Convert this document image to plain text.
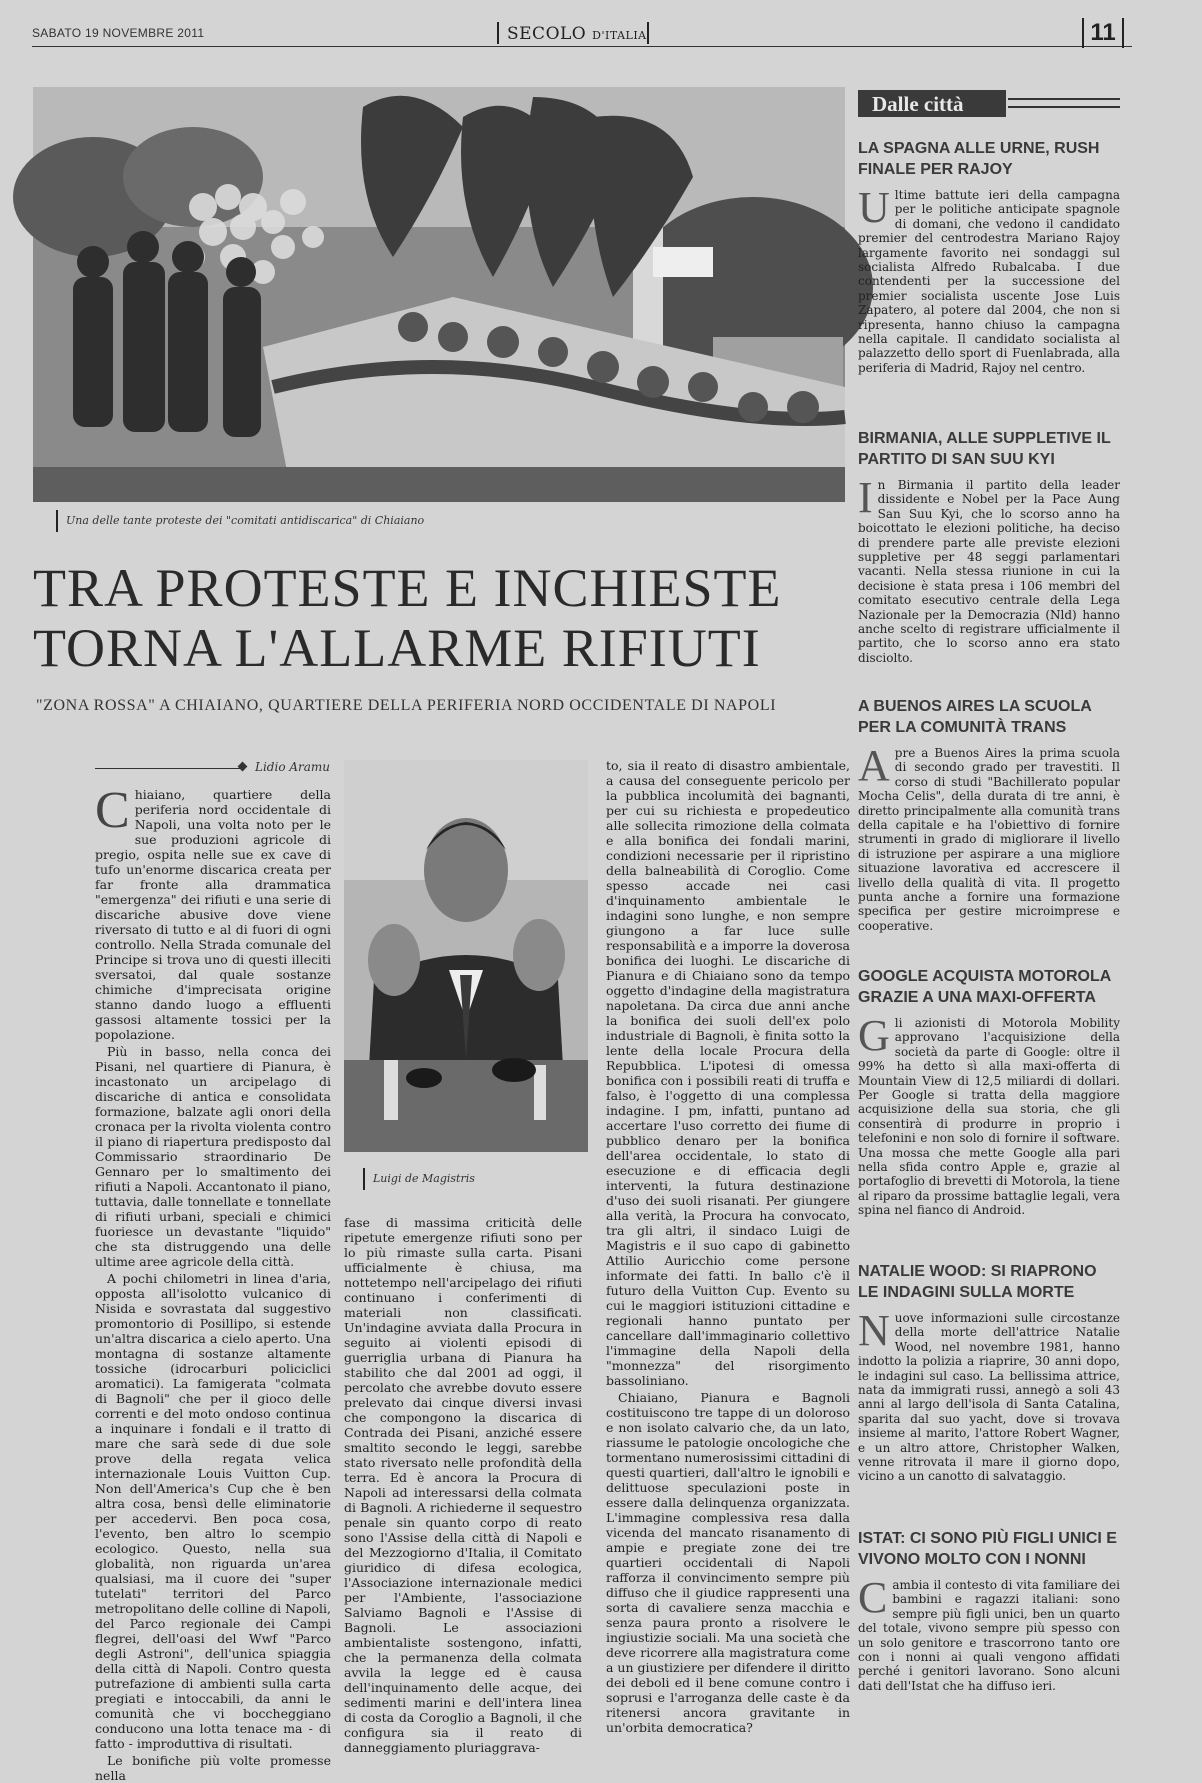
SABATO 19 NOVEMBRE 2011	SECOLO D'ITALIA	11
Una delle tante proteste dei "comitati antidiscarica" di Chiaiano
TRA PROTESTE E INCHIESTE
TORNA L'ALLARME RIFIUTI
"ZONA ROSSA" A CHIAIANO, QUARTIERE DELLA PERIFERIA NORD OCCIDENTALE DI NAPOLI
Lidio Aramu

Chiaiano, quartiere della periferia nord occidentale di Napoli, una volta noto per le sue produzioni agricole di pregio, ospita nelle sue ex cave di tufo un'enorme discarica creata per far fronte alla drammatica "emergenza" dei rifiuti e una serie di discariche abusive dove viene riversato di tutto e al di fuori di ogni controllo. Nella Strada comunale del Principe si trova uno di questi illeciti sversatoi, dal quale sostanze chimiche d'imprecisata origine stanno dando luogo a effluenti gassosi altamente tossici per la popolazione.

Più in basso, nella conca dei Pisani, nel quartiere di Pianura, è incastonato un arcipelago di discariche di antica e consolidata formazione, balzate agli onori della cronaca per la rivolta violenta contro il piano di riapertura predisposto dal Commissario straordinario De Gennaro per lo smaltimento dei rifiuti a Napoli. Accantonato il piano, tuttavia, dalle tonnellate e tonnellate di rifiuti urbani, speciali e chimici fuoriesce un devastante "liquido" che sta distruggendo una delle ultime aree agricole della città.

A pochi chilometri in linea d'aria, opposta all'isolotto vulcanico di Nisida e sovrastata dal suggestivo promontorio di Posillipo, si estende un'altra discarica a cielo aperto. Una montagna di sostanze altamente tossiche (idrocarburi policiclici aromatici). La famigerata "colmata di Bagnoli" che per il gioco delle correnti e del moto ondoso continua a inquinare i fondali e il tratto di mare che sarà sede di due sole prove della regata velica internazionale Louis Vuitton Cup. Non dell'America's Cup che è ben altra cosa, bensì delle eliminatorie per accedervi. Ben poca cosa, l'evento, ben altro lo scempio ecologico. Questo, nella sua globalità, non riguarda un'area qualsiasi, ma il cuore dei "super tutelati" territori del Parco metropolitano delle colline di Napoli, del Parco regionale dei Campi flegrei, dell'oasi del Wwf "Parco degli Astroni", dell'unica spiaggia della città di Napoli. Contro questa putrefazione di ambienti sulla carta pregiati e intoccabili, da anni le comunità che vi boccheggiano conducono una lotta tenace ma - di fatto - improduttiva di risultati.

Le bonifiche più volte promesse nella

Luigi de Magistris

fase di massima criticità delle ripetute emergenze rifiuti sono per lo più rimaste sulla carta. Pisani ufficialmente è chiusa, ma nottetempo nell'arcipelago dei rifiuti continuano i conferimenti di materiali non classificati. Un'indagine avviata dalla Procura in seguito ai violenti episodi di guerriglia urbana di Pianura ha stabilito che dal 2001 ad oggi, il percolato che avrebbe dovuto essere prelevato dai cinque diversi invasi che compongono la discarica di Contrada dei Pisani, anziché essere smaltito secondo le leggi, sarebbe stato riversato nelle profondità della terra. Ed è ancora la Procura di Napoli ad interessarsi della colmata di Bagnoli. A richiederne il sequestro penale sin quanto corpo di reato sono l'Assise della città di Napoli e del Mezzogiorno d'Italia, il Comitato giuridico di difesa ecologica, l'Associazione internazionale medici per l'Ambiente, l'associazione Salviamo Bagnoli e l'Assise di Bagnoli. Le associazioni ambientaliste sostengono, infatti, che la permanenza della colmata avvila la legge ed è causa dell'inquinamento delle acque, dei sedimenti marini e dell'intera linea di costa da Coroglio a Bagnoli, il che configura sia il reato di danneggiamento pluriaggrava-

to, sia il reato di disastro ambientale, a causa del conseguente pericolo per la pubblica incolumità dei bagnanti, per cui su richiesta e propedeutico alle sollecita rimozione della colmata e alla bonifica dei fondali marini, condizioni necessarie per il ripristino della balneabilità di Coroglio. Come spesso accade nei casi d'inquinamento ambientale le indagini sono lunghe, e non sempre giungono a far luce sulle responsabilità e a imporre la doverosa bonifica dei luoghi. Le discariche di Pianura e di Chiaiano sono da tempo oggetto d'indagine della magistratura napoletana. Da circa due anni anche la bonifica dei suoli dell'ex polo industriale di Bagnoli, è finita sotto la lente della locale Procura della Repubblica. L'ipotesi di omessa bonifica con i possibili reati di truffa e falso, è l'oggetto di una complessa indagine. I pm, infatti, puntano ad accertare l'uso corretto dei fiume di pubblico denaro per la bonifica dell'area occidentale, lo stato di esecuzione e di efficacia degli interventi, la futura destinazione d'uso dei suoli risanati. Per giungere alla verità, la Procura ha convocato, tra gli altri, il sindaco Luigi de Magistris e il suo capo di gabinetto Attilio Auricchio come persone informate dei fatti. In ballo c'è il futuro della Vuitton Cup. Evento su cui le maggiori istituzioni cittadine e regionali hanno puntato per cancellare dall'immaginario collettivo l'immagine della Napoli della "monnezza" del risorgimento bassoliniano.

Chiaiano, Pianura e Bagnoli costituiscono tre tappe di un doloroso e non isolato calvario che, da un lato, riassume le patologie oncologiche che tormentano numerosissimi cittadini di questi quartieri, dall'altro le ignobili e delittuose speculazioni poste in essere dalla delinquenza organizzata. L'immagine complessiva resa dalla vicenda del mancato risanamento di ampie e pregiate zone dei tre quartieri occidentali di Napoli rafforza il convincimento sempre più diffuso che il giudice rappresenti una sorta di cavaliere senza macchia e senza paura pronto a risolvere le ingiustizie sociali. Ma una società che deve ricorrere alla magistratura come a un giustiziere per difendere il diritto dei deboli ed il bene comune contro i soprusi e l'arroganza delle caste è da ritenersi ancora gravitante in un'orbita democratica?

Dalle città
LA SPAGNA ALLE URNE, RUSH FINALE PER RAJOY
Ultime battute ieri della campagna per le politiche anticipate spagnole di domani, che vedono il candidato premier del centrodestra Mariano Rajoy largamente favorito nei sondaggi sul socialista Alfredo Rubalcaba. I due contendenti per la successione del premier socialista uscente Jose Luis Zapatero, al potere dal 2004, che non si ripresenta, hanno chiuso la campagna nella capitale. Il candidato socialista al palazzetto dello sport di Fuenlabrada, alla periferia di Madrid, Rajoy nel centro.
BIRMANIA, ALLE SUPPLETIVE IL PARTITO DI SAN SUU KYI
In Birmania il partito della leader dissidente e Nobel per la Pace Aung San Suu Kyi, che lo scorso anno ha boicottato le elezioni politiche, ha deciso di prendere parte alle previste elezioni suppletive per 48 seggi parlamentari vacanti. Nella stessa riunione in cui la decisione è stata presa i 106 membri del comitato esecutivo centrale della Lega Nazionale per la Democrazia (Nld) hanno anche scelto di registrare ufficialmente il partito, che lo scorso anno era stato disciolto.
A BUENOS AIRES LA SCUOLA PER LA COMUNITÀ TRANS
Apre a Buenos Aires la prima scuola di secondo grado per travestiti. Il corso di studi "Bachillerato popular Mocha Celis", della durata di tre anni, è diretto principalmente alla comunità trans della capitale e ha l'obiettivo di fornire strumenti in grado di migliorare il livello di istruzione per aspirare a una migliore situazione lavorativa ed accrescere il livello della qualità di vita. Il progetto punta anche a fornire una formazione specifica per gestire microimprese e cooperative.
GOOGLE ACQUISTA MOTOROLA GRAZIE A UNA MAXI-OFFERTA
Gli azionisti di Motorola Mobility approvano l'acquisizione della società da parte di Google: oltre il 99% ha detto sì alla maxi-offerta di Mountain View di 12,5 miliardi di dollari. Per Google si tratta della maggiore acquisizione della sua storia, che gli consentirà di produrre in proprio i telefonini e non solo di fornire il software. Una mossa che mette Google alla pari nella sfida contro Apple e, grazie al portafoglio di brevetti di Motorola, la tiene al riparo da prossime battaglie legali, vera spina nel fianco di Android.
NATALIE WOOD: SI RIAPRONO LE INDAGINI SULLA MORTE
Nuove informazioni sulle circostanze della morte dell'attrice Natalie Wood, nel novembre 1981, hanno indotto la polizia a riaprire, 30 anni dopo, le indagini sul caso. La bellissima attrice, nata da immigrati russi, annegò a soli 43 anni al largo dell'isola di Santa Catalina, sparita dal suo yacht, dove si trovava insieme al marito, l'attore Robert Wagner, e un altro attore, Christopher Walken, venne ritrovata il mare il giorno dopo, vicino a un canotto di salvataggio.
ISTAT: CI SONO PIÙ FIGLI UNICI E VIVONO MOLTO CON I NONNI
Cambia il contesto di vita familiare dei bambini e ragazzi italiani: sono sempre più figli unici, ben un quarto del totale, vivono sempre più spesso con un solo genitore e trascorrono tanto ore con i nonni ai quali vengono affidati perché i genitori lavorano. Sono alcuni dati dell'Istat che ha diffuso ieri.
